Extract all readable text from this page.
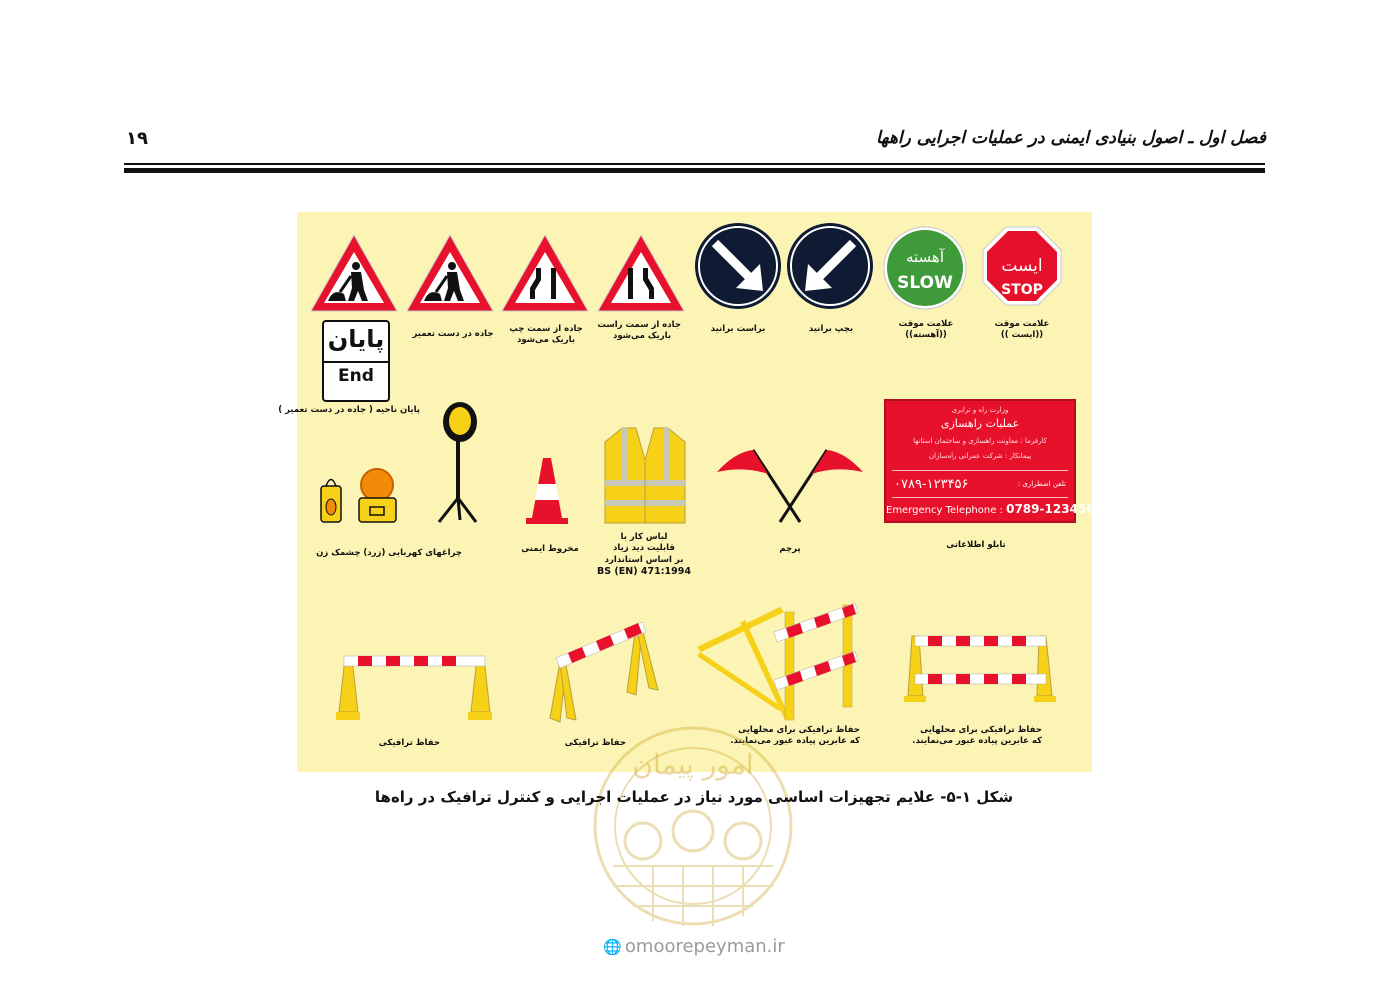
فصل اول ـ اصول بنیادی ایمنی در عملیات اجرایی راهها
۱۹
ایست
STOP
آهسته
SLOW
پایان
End
علامت موقت
((ایست ))
علامت موقت
((آهسته))
بچپ برانید
براست برانید
جاده از سمت راست
باریک می‌شود
جاده از سمت چپ
باریک می‌شود
جاده در دست تعمیر
پایان ناحیه ( جاده در دست تعمیر )	وزارت راه و ترابری
عملیات راهسازی
کارفرما : معاونت راهسازی و ساختمان استانها
پیمانکار : شرکت عمرانی راه‌سازان
۰۷۸۹-۱۲۳۴۵۶	تلفن اضطراری :
Emergency Telephone : 0789-123456
تابلو اطلاعاتی
پرچم
لباس کار با
قابلیت دید زیاد
بر اساس استاندارد
BS (EN) 471:1994
مخروط ایمنی
چراغهای کهربایی (زرد) چشمک زن
حفاظ ترافیکی	حفاظ ترافیکی
حفاظ ترافیکی برای محلهایی
که عابرین پیاده عبور می‌نمایند.
حفاظ ترافیکی برای محلهایی
که عابرین پیاده عبور می‌نمایند.
امور پیمان
شکل ۱-۵- علایم تجهیزات اساسی مورد نیاز در عملیات اجرایی و کنترل ترافیک در راه‌ها
🌐 omoorepeyman.ir
